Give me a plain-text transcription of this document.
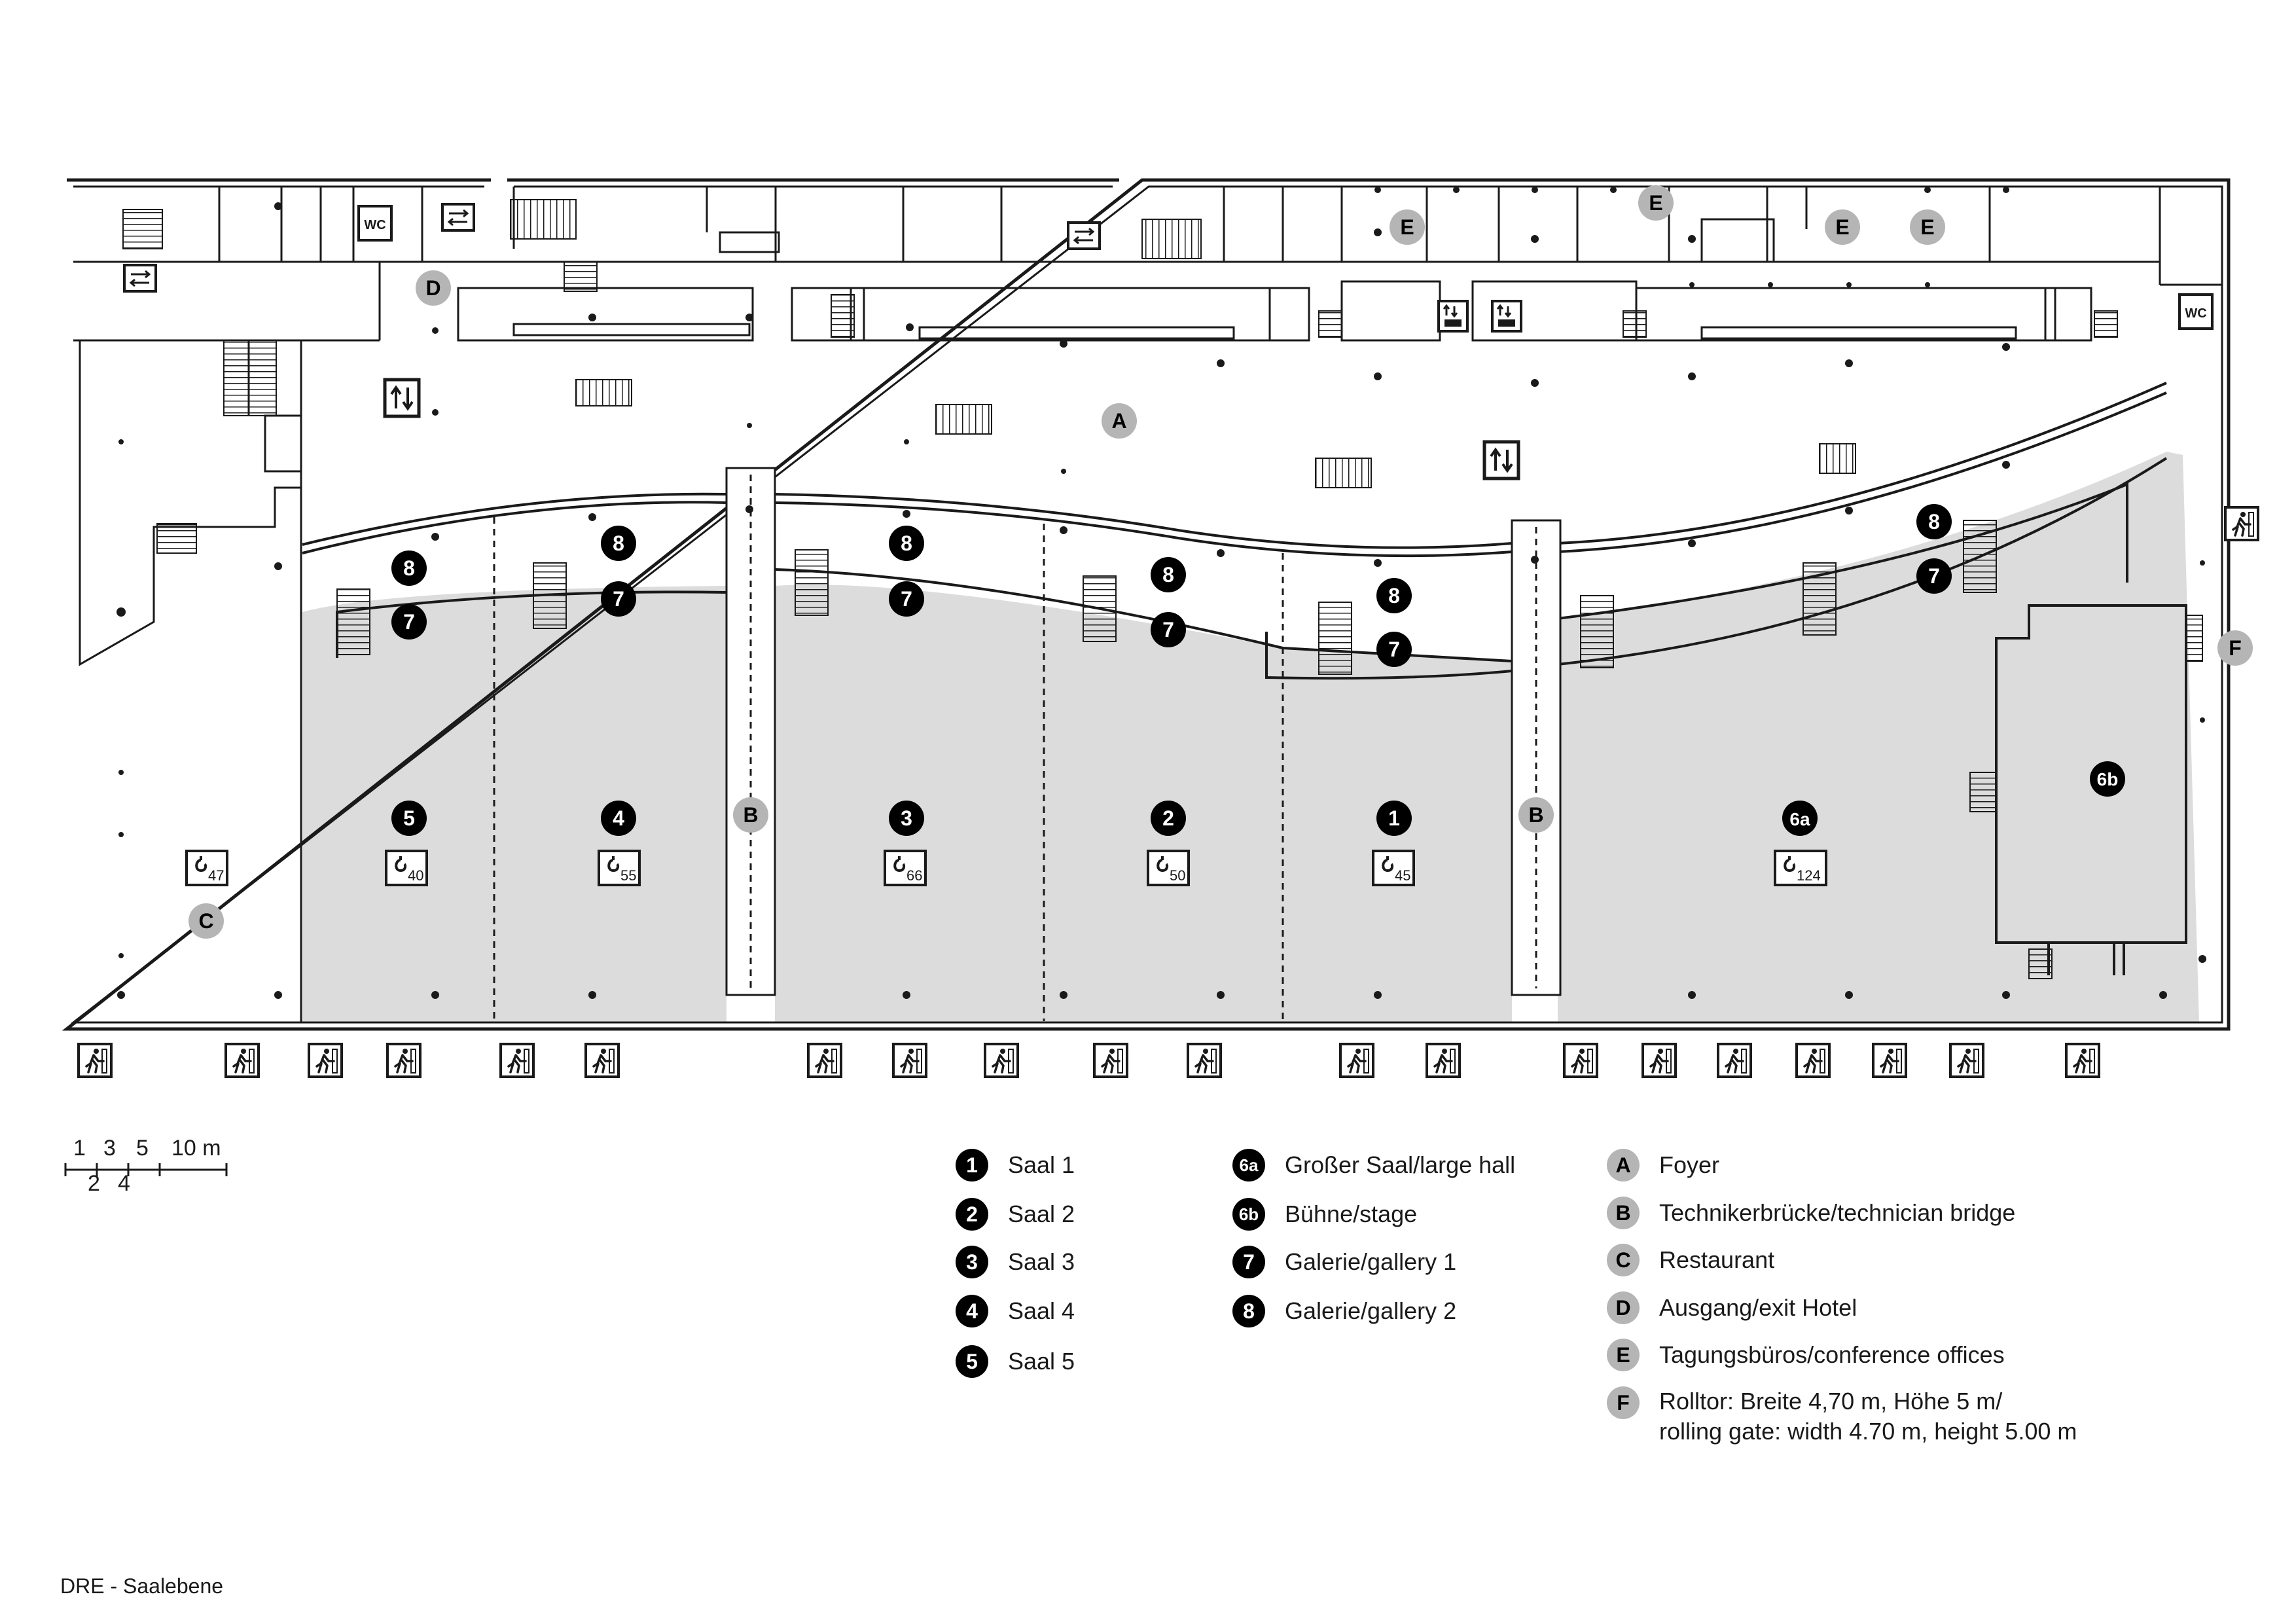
WC
WC
47	40	55	66	50	45	124
5	4	3	2	1	6a
6b
7
7	7
7
7
7
8
8	8
8
8
8
A
B	B
C
D
E
E
E	E
F
1 3 5 10 m
2 4
1	Saal 1
2	Saal 2
3	Saal 3
4	Saal 4
5	Saal 5
6a Großer Saal/large hall
6b Bühne/stage
7	Galerie/gallery 1
8	Galerie/gallery 2
A	Foyer
B	Technikerbrücke/technician bridge
C	Restaurant
D	Ausgang/exit Hotel
E	Tagungsbüros/conference offices
F	Rolltor: Breite 4,70 m, Höhe 5 m/
rolling gate: width 4.70 m, height 5.00 m
DRE - Saalebene
